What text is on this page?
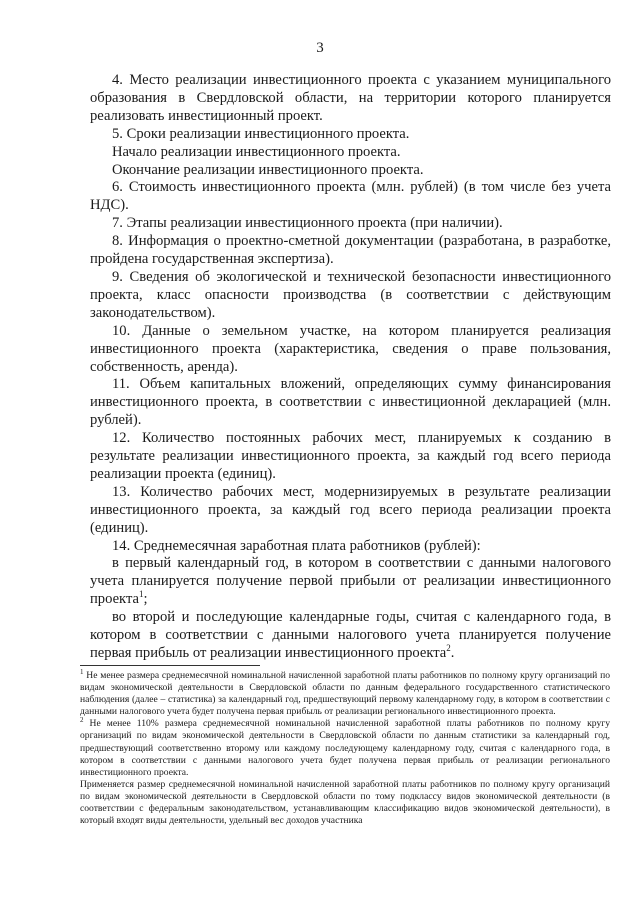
3

4. Место реализации инвестиционного проекта с указанием муниципального образования в Свердловской области, на территории которого планируется реализовать инвестиционный проект.

5. Сроки реализации инвестиционного проекта.

Начало реализации инвестиционного проекта.

Окончание реализации инвестиционного проекта.

6. Стоимость инвестиционного проекта (млн. рублей) (в том числе без учета НДС).

7. Этапы реализации инвестиционного проекта (при наличии).

8. Информация о проектно-сметной документации (разработана, в разработке, пройдена государственная экспертиза).

9. Сведения об экологической и технической безопасности инвестиционного проекта, класс опасности производства (в соответствии с действующим законодательством).

10. Данные о земельном участке, на котором планируется реализация инвестиционного проекта (характеристика, сведения о праве пользования, собственность, аренда).

11. Объем капитальных вложений, определяющих сумму финансирования инвестиционного проекта, в соответствии с инвестиционной декларацией (млн. рублей).

12. Количество постоянных рабочих мест, планируемых к созданию в результате реализации инвестиционного проекта, за каждый год всего периода реализации проекта (единиц).

13. Количество рабочих мест, модернизируемых в результате реализации инвестиционного проекта, за каждый год всего периода реализации проекта (единиц).

14. Среднемесячная заработная плата работников (рублей):

в первый календарный год, в котором в соответствии с данными налогового учета планируется получение первой прибыли от реализации инвестиционного проекта$^1$;

во второй и последующие календарные годы, считая с календарного года, в котором в соответствии с данными налогового учета планируется получение первая прибыль от реализации инвестиционного проекта$^2$.

$^1$ Не менее размера среднемесячной номинальной начисленной заработной платы работников по полному кругу организаций по видам экономической деятельности в Свердловской области по данным федерального государственного статистического наблюдения (далее – статистика) за календарный год, предшествующий первому календарному году, в котором в соответствии с данными налогового учета будет получена первая прибыль от реализации регионального инвестиционного проекта.

$^2$ Не менее 110% размера среднемесячной номинальной начисленной заработной платы работников по полному кругу организаций по видам экономической деятельности в Свердловской области по данным статистики за календарный год, предшествующий соответственно второму или каждому последующему календарному году, считая с календарного года, в котором в соответствии с данными налогового учета будет получена первая прибыль от реализации регионального инвестиционного проекта.

Применяется размер среднемесячной номинальной начисленной заработной платы работников по полному кругу организаций по видам экономической деятельности в Свердловской области по тому подклассу видов экономической деятельности (в соответствии с федеральным законодательством, устанавливающим классификацию видов экономической деятельности), в который входят виды деятельности, удельный вес доходов участника
